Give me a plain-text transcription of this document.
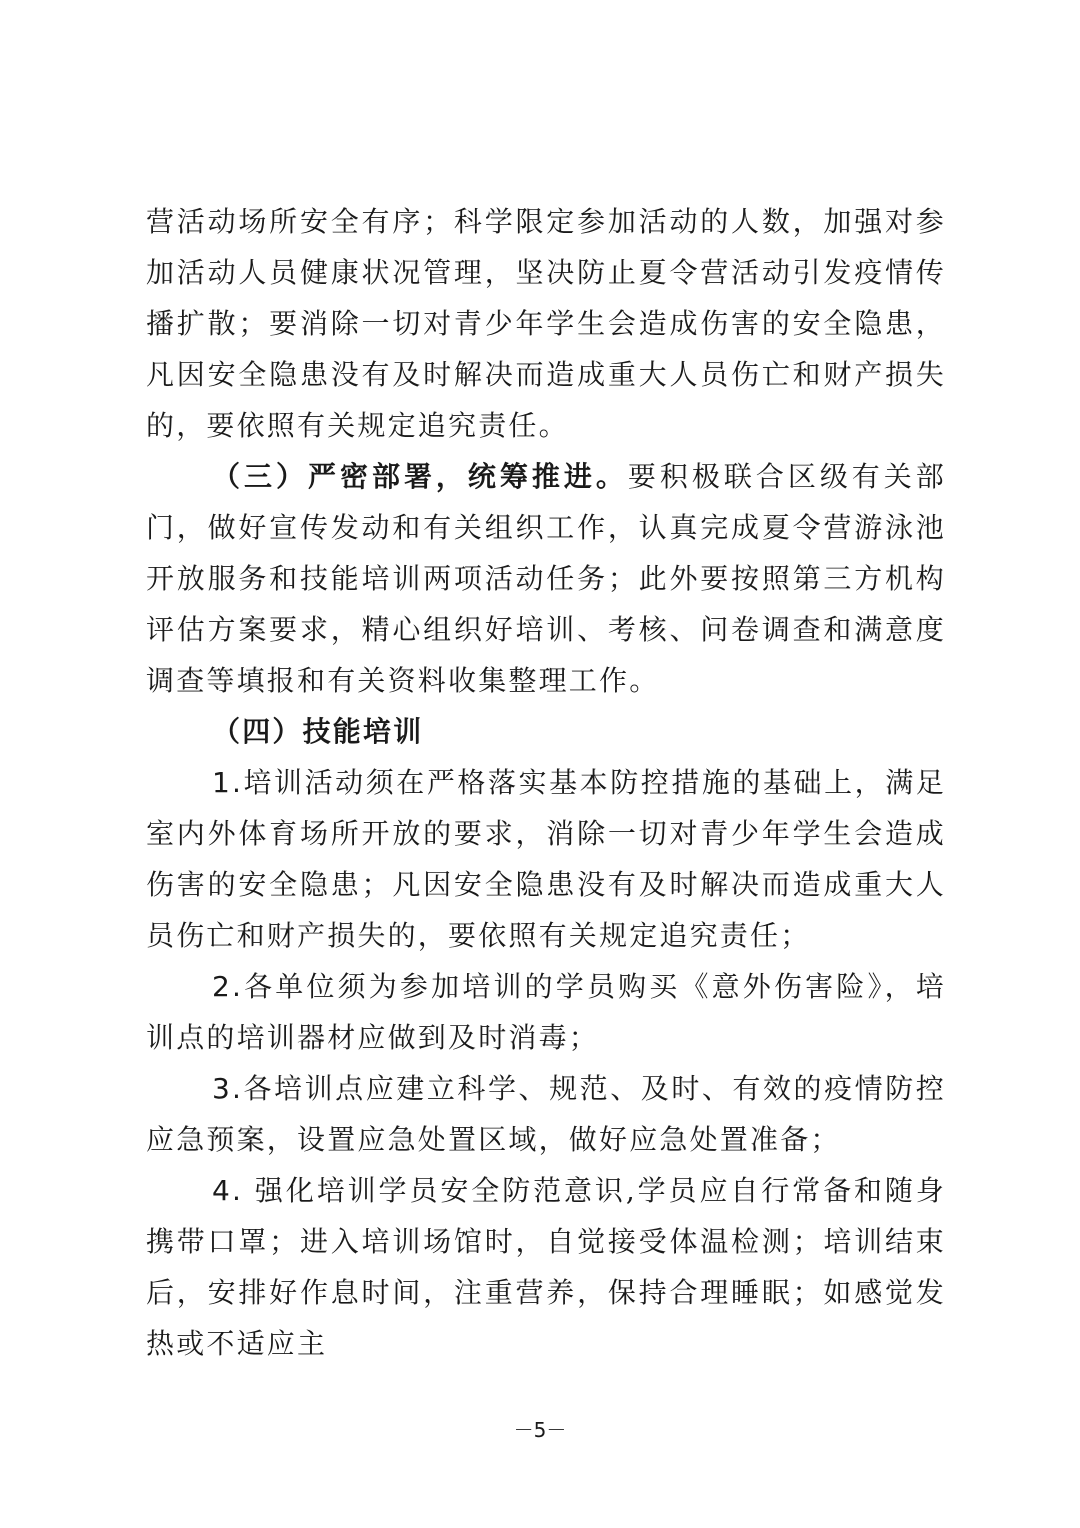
营活动场所安全有序；科学限定参加活动的人数，加强对参加活动人员健康状况管理，坚决防止夏令营活动引发疫情传播扩散；要消除一切对青少年学生会造成伤害的安全隐患，凡因安全隐患没有及时解决而造成重大人员伤亡和财产损失的，要依照有关规定追究责任。

（三）严密部署，统筹推进。要积极联合区级有关部门，做好宣传发动和有关组织工作，认真完成夏令营游泳池开放服务和技能培训两项活动任务；此外要按照第三方机构评估方案要求，精心组织好培训、考核、问卷调查和满意度调查等填报和有关资料收集整理工作。

（四）技能培训

1.培训活动须在严格落实基本防控措施的基础上，满足室内外体育场所开放的要求，消除一切对青少年学生会造成伤害的安全隐患；凡因安全隐患没有及时解决而造成重大人员伤亡和财产损失的，要依照有关规定追究责任；

2.各单位须为参加培训的学员购买《意外伤害险》，培训点的培训器材应做到及时消毒；

3.各培训点应建立科学、规范、及时、有效的疫情防控应急预案，设置应急处置区域，做好应急处置准备；

4. 强化培训学员安全防范意识,学员应自行常备和随身携带口罩；进入培训场馆时，自觉接受体温检测；培训结束后，安排好作息时间，注重营养，保持合理睡眠；如感觉发热或不适应主

－5－
